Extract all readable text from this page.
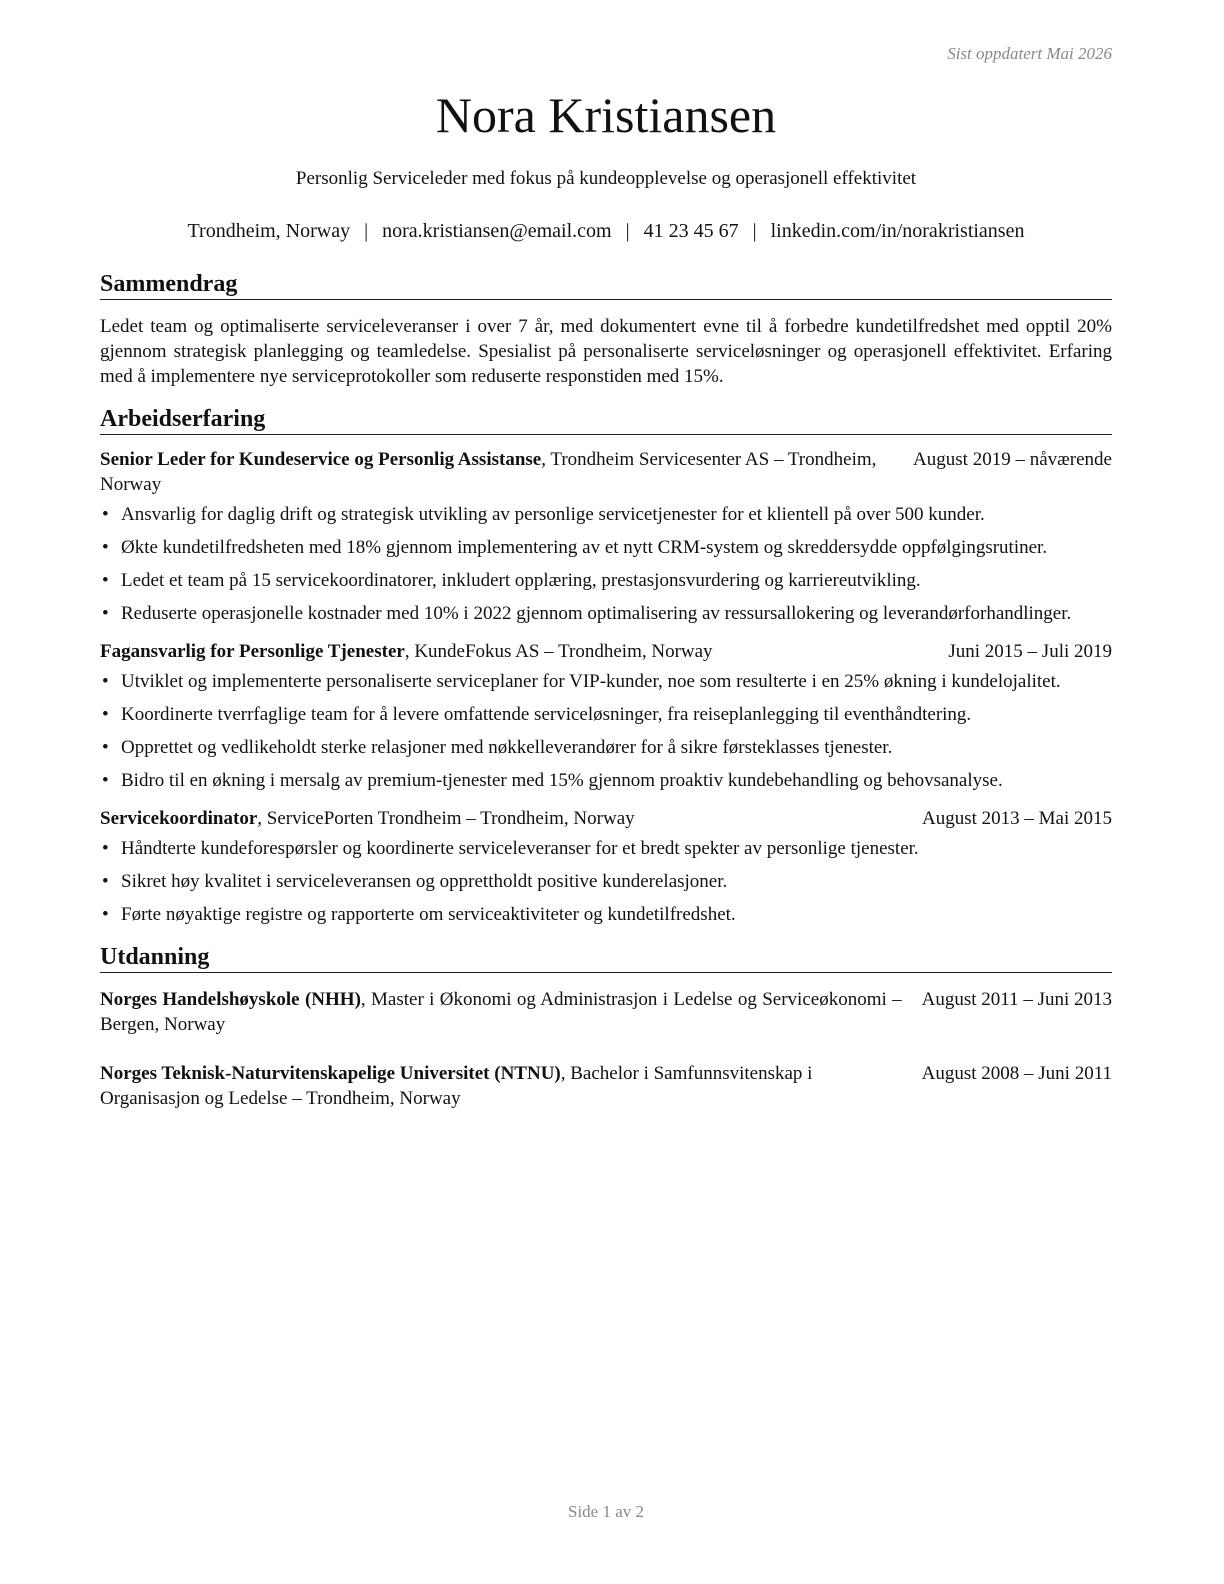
Sist oppdatert Mai 2026
Nora Kristiansen
Personlig Serviceleder med fokus på kundeopplevelse og operasjonell effektivitet
Trondheim, Norway | nora.kristiansen@email.com | 41 23 45 67 | linkedin.com/in/norakristiansen
Sammendrag

Ledet team og optimaliserte serviceleveranser i over 7 år, med dokumentert evne til å forbedre kundetilfredshet med opptil 20% gjennom strategisk planlegging og teamledelse. Spesialist på personaliserte serviceløsninger og operasjonell effektivitet. Erfaring med å implementere nye serviceprotokoller som reduserte responstiden med 15%.

Arbeidserfaring
Senior Leder for Kundeservice og Personlig Assistanse, Trondheim Servicesenter AS – Trondheim, Norway
August 2019 – nåværende
• Ansvarlig for daglig drift og strategisk utvikling av personlige servicetjenester for et klientell på over 500 kunder.
• Økte kundetilfredsheten med 18% gjennom implementering av et nytt CRM-system og skreddersydde oppfølgingsrutiner.
• Ledet et team på 15 servicekoordinatorer, inkludert opplæring, prestasjonsvurdering og karriereutvikling.
• Reduserte operasjonelle kostnader med 10% i 2022 gjennom optimalisering av ressursallokering og leverandørforhandlinger.
Fagansvarlig for Personlige Tjenester, KundeFokus AS – Trondheim, Norway	Juni 2015 – Juli 2019
• Utviklet og implementerte personaliserte serviceplaner for VIP-kunder, noe som resulterte i en 25% økning i kundelojalitet.
• Koordinerte tverrfaglige team for å levere omfattende serviceløsninger, fra reiseplanlegging til eventhåndtering.
• Opprettet og vedlikeholdt sterke relasjoner med nøkkelleverandører for å sikre førsteklasses tjenester.
• Bidro til en økning i mersalg av premium-tjenester med 15% gjennom proaktiv kundebehandling og behovsanalyse.
Servicekoordinator, ServicePorten Trondheim – Trondheim, Norway	August 2013 – Mai 2015
• Håndterte kundeforespørsler og koordinerte serviceleveranser for et bredt spekter av personlige tjenester.
• Sikret høy kvalitet i serviceleveransen og opprettholdt positive kunderelasjoner.
• Førte nøyaktige registre og rapporterte om serviceaktiviteter og kundetilfredshet.
Utdanning
Norges Handelshøyskole (NHH), Master i Økonomi og Administrasjon i Ledelse og Serviceøkonomi – Bergen, Norway
August 2011 – Juni 2013
Norges Teknisk-Naturvitenskapelige Universitet (NTNU), Bachelor i Samfunnsvitenskap i Organisasjon og Ledelse – Trondheim, Norway
August 2008 – Juni 2011
Side 1 av 2
